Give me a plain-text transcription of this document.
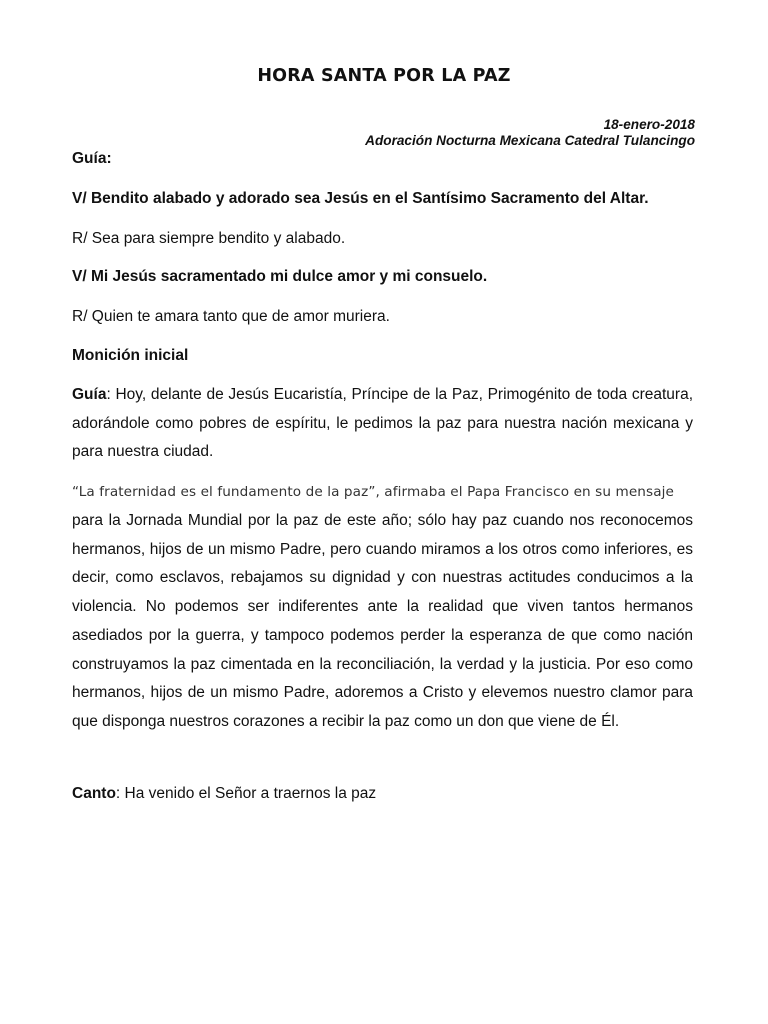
HORA SANTA POR LA PAZ
18-enero-2018
Adoración Nocturna Mexicana Catedral Tulancingo
Guía:
V/ Bendito alabado y adorado sea Jesús en el Santísimo Sacramento del Altar.
R/ Sea para siempre bendito y alabado.
V/ Mi Jesús sacramentado mi dulce amor y mi consuelo.
R/ Quien te amara tanto que de amor muriera.
Monición inicial
Guía: Hoy, delante de Jesús Eucaristía, Príncipe de la Paz, Primogénito de toda creatura, adorándole como pobres de espíritu, le pedimos la paz para nuestra nación mexicana y para nuestra ciudad.
“La fraternidad es el fundamento de la paz”, afirmaba el Papa Francisco en su mensaje
para la Jornada Mundial por la paz de este año; sólo hay paz cuando nos reconocemos hermanos, hijos de un mismo Padre, pero cuando miramos a los otros como inferiores, es decir, como esclavos, rebajamos su dignidad y con nuestras actitudes conducimos a la violencia. No podemos ser indiferentes ante la realidad que viven tantos hermanos asediados por la guerra, y tampoco podemos perder la esperanza de que como nación construyamos la paz cimentada en la reconciliación, la verdad y la justicia. Por eso como hermanos, hijos de un mismo Padre, adoremos a Cristo y elevemos nuestro clamor para que disponga nuestros corazones a recibir la paz como un don que viene de Él.
Canto: Ha venido el Señor a traernos la paz
